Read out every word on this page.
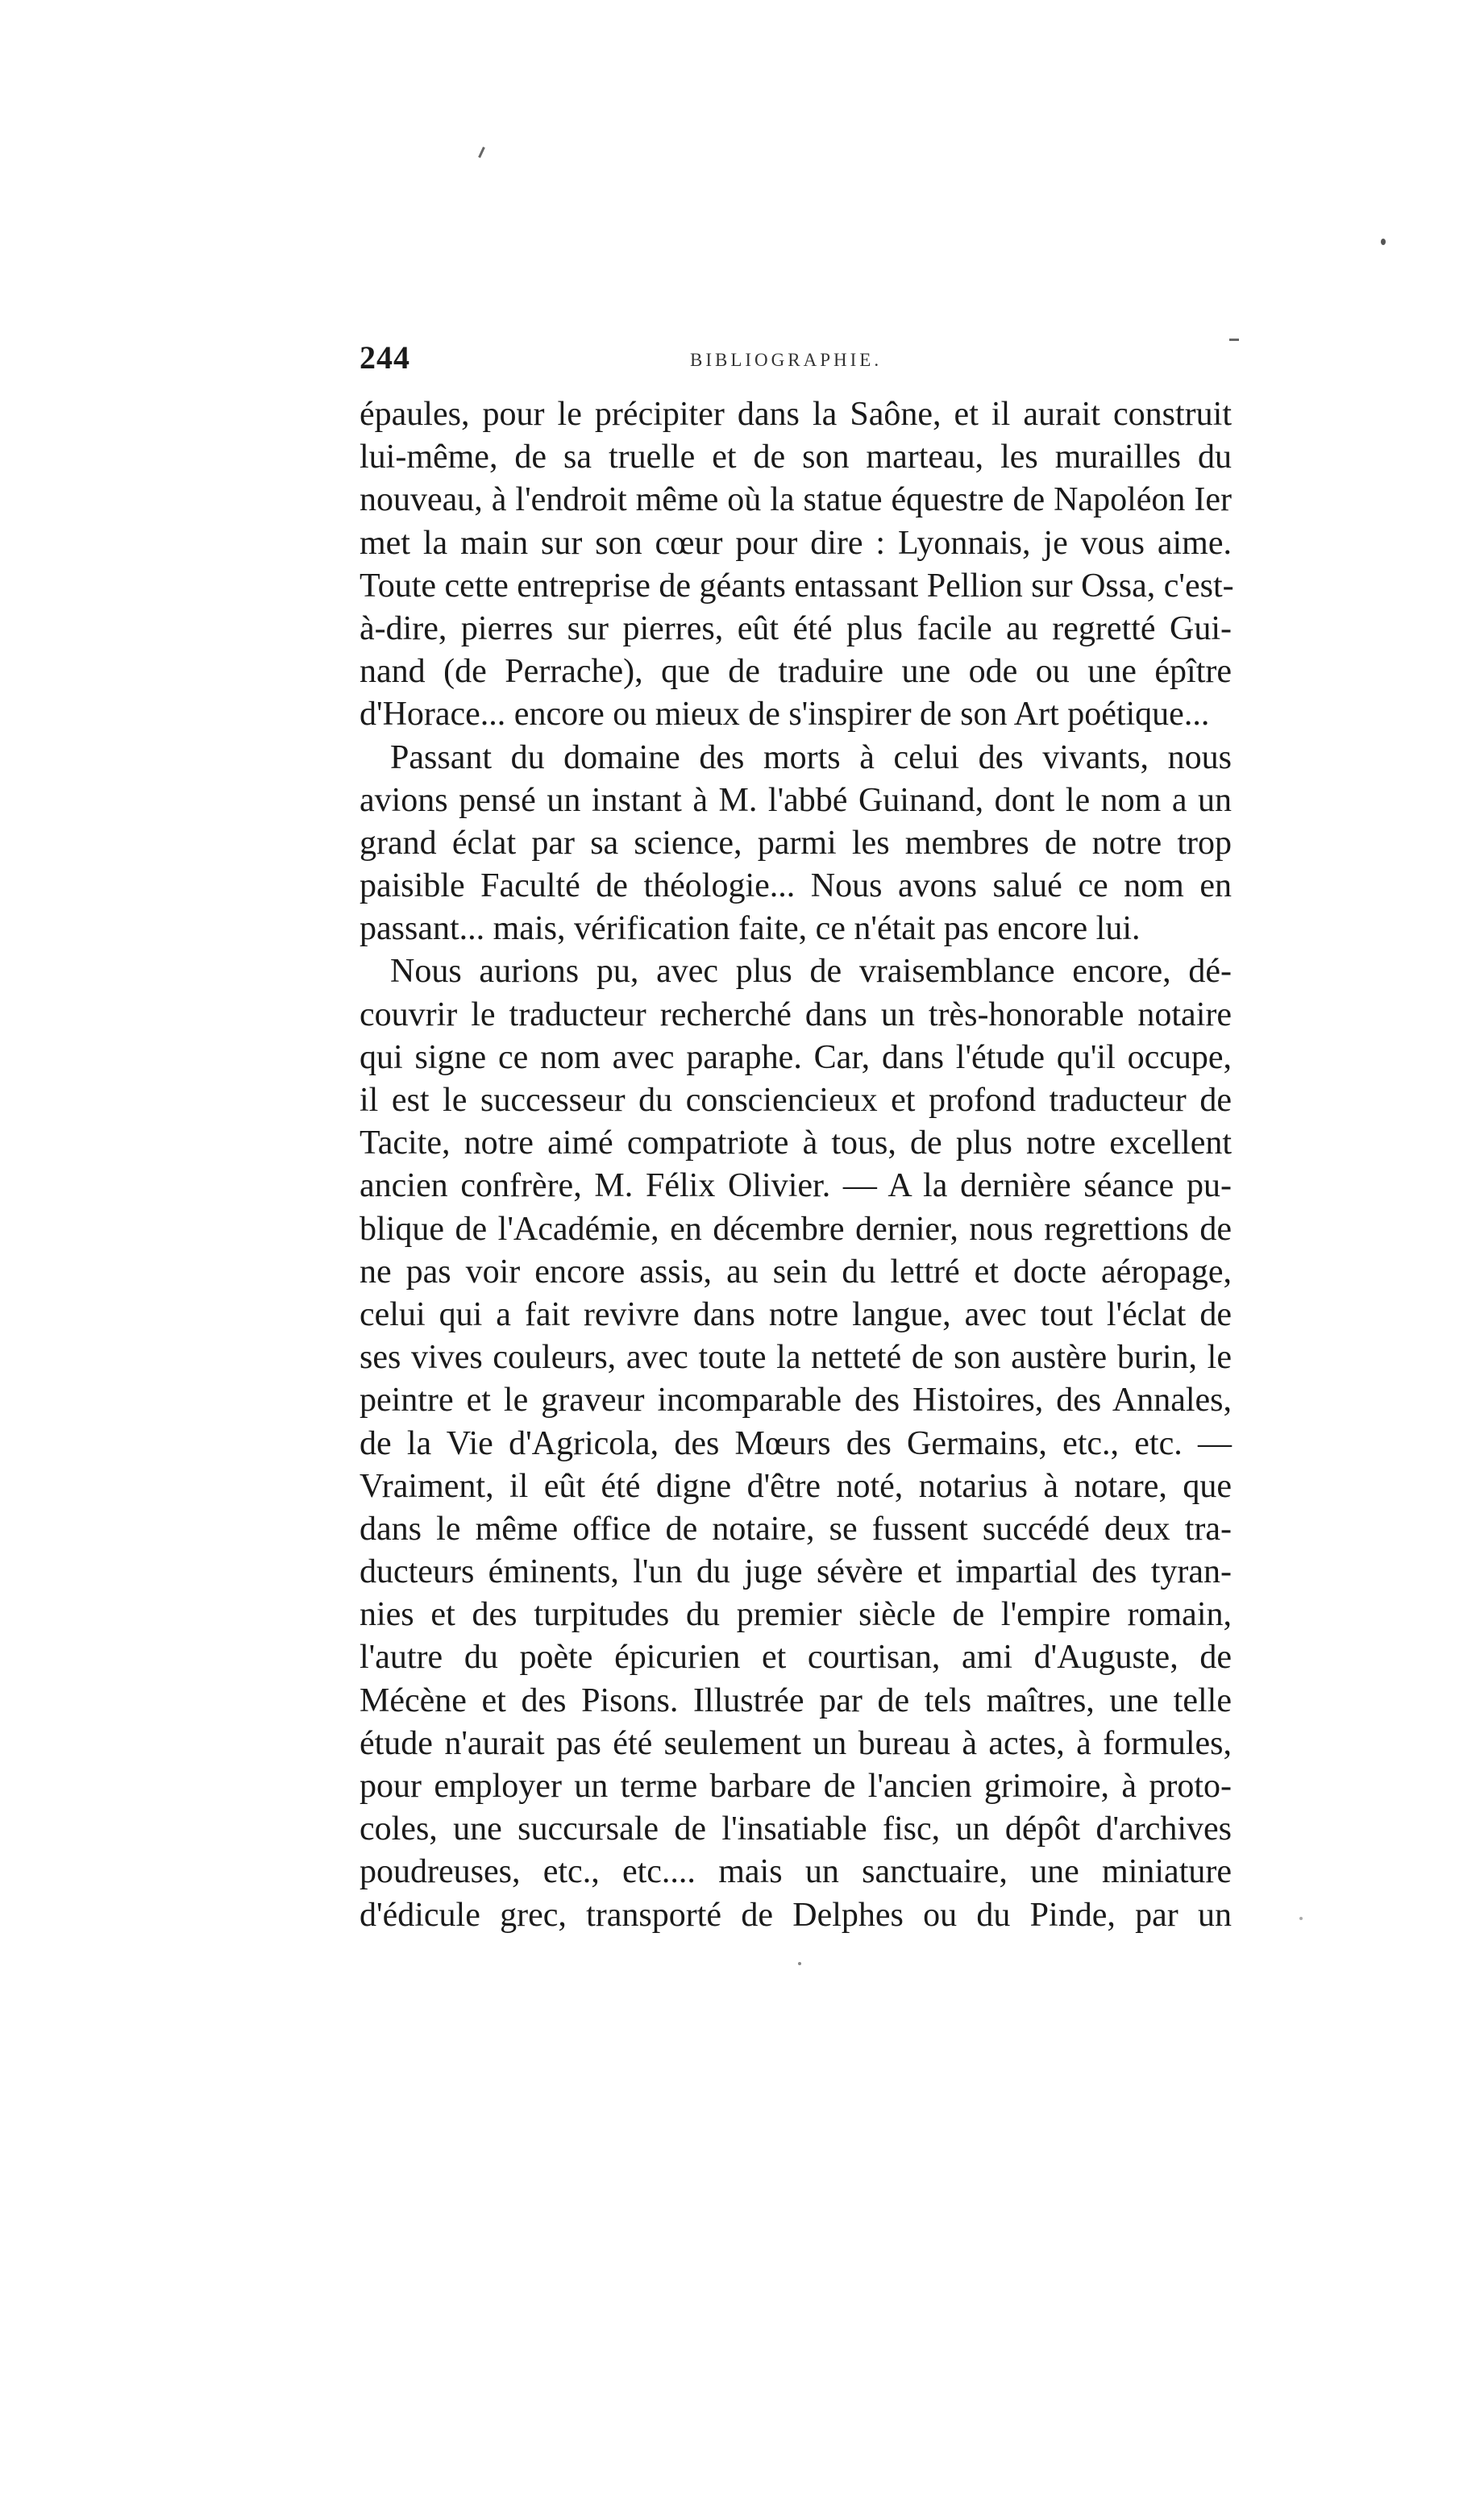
244	BIBLIOGRAPHIE.
épaules, pour le précipiter dans la Saône, et il aurait construit
lui-même, de sa truelle et de son marteau, les murailles du
nouveau, à l'endroit même où la statue équestre de Napoléon Ier
met la main sur son cœur pour dire : Lyonnais, je vous aime.
Toute cette entreprise de géants entassant Pellion sur Ossa, c'est-
à-dire, pierres sur pierres, eût été plus facile au regretté Gui-
nand (de Perrache), que de traduire une ode ou une épître
d'Horace... encore ou mieux de s'inspirer de son Art poétique...
Passant du domaine des morts à celui des vivants, nous
avions pensé un instant à M. l'abbé Guinand, dont le nom a un
grand éclat par sa science, parmi les membres de notre trop
paisible Faculté de théologie... Nous avons salué ce nom en
passant... mais, vérification faite, ce n'était pas encore lui.
Nous aurions pu, avec plus de vraisemblance encore, dé-
couvrir le traducteur recherché dans un très-honorable notaire
qui signe ce nom avec paraphe. Car, dans l'étude qu'il occupe,
il est le successeur du consciencieux et profond traducteur de
Tacite, notre aimé compatriote à tous, de plus notre excellent
ancien confrère, M. Félix Olivier. — A la dernière séance pu-
blique de l'Académie, en décembre dernier, nous regrettions de
ne pas voir encore assis, au sein du lettré et docte aéropage,
celui qui a fait revivre dans notre langue, avec tout l'éclat de
ses vives couleurs, avec toute la netteté de son austère burin, le
peintre et le graveur incomparable des Histoires, des Annales,
de la Vie d'Agricola, des Mœurs des Germains, etc., etc. —
Vraiment, il eût été digne d'être noté, notarius à notare, que
dans le même office de notaire, se fussent succédé deux tra-
ducteurs éminents, l'un du juge sévère et impartial des tyran-
nies et des turpitudes du premier siècle de l'empire romain,
l'autre du poète épicurien et courtisan, ami d'Auguste, de
Mécène et des Pisons. Illustrée par de tels maîtres, une telle
étude n'aurait pas été seulement un bureau à actes, à formules,
pour employer un terme barbare de l'ancien grimoire, à proto-
coles, une succursale de l'insatiable fisc, un dépôt d'archives
poudreuses, etc., etc.... mais un sanctuaire, une miniature
d'édicule grec, transporté de Delphes ou du Pinde, par un
